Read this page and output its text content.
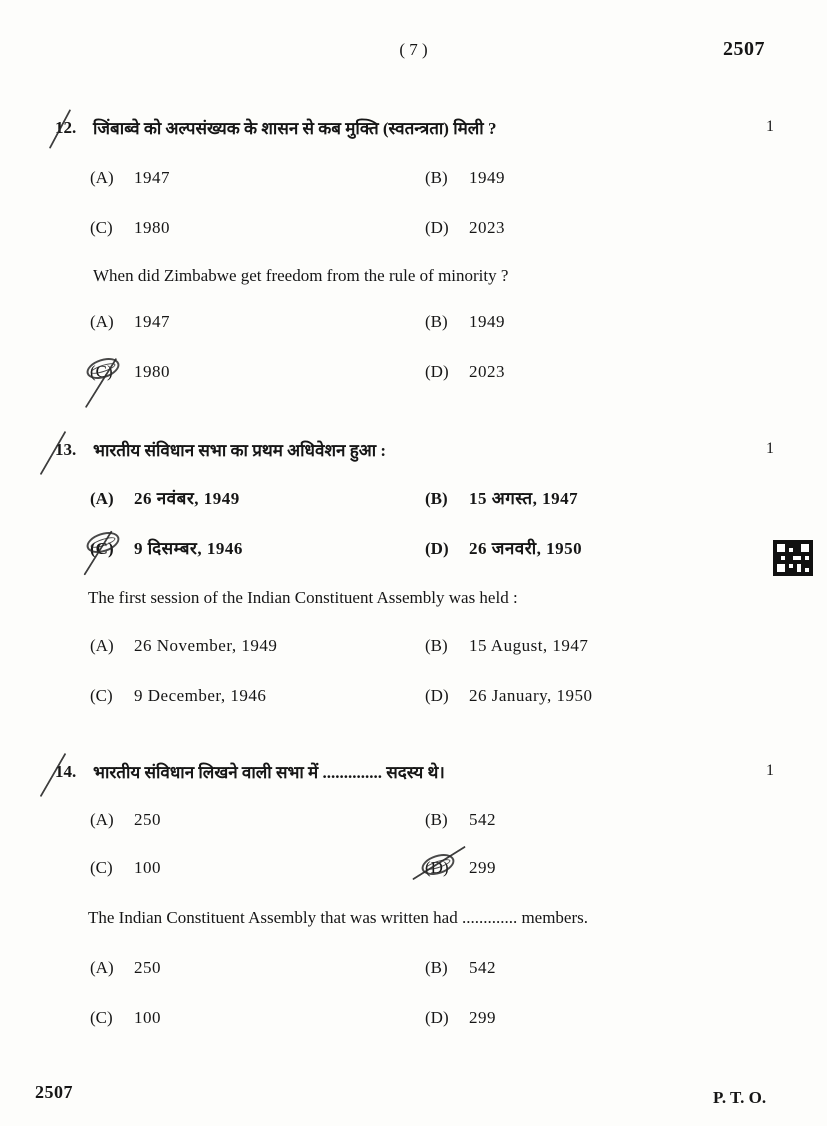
( 7 )	2507
12. जिंबाब्वे को अल्पसंख्यक के शासन से कब मुक्ति (स्वतन्त्रता) मिली ?	1
(A) 1947	(B) 1949
(C) 1980	(D) 2023
When did Zimbabwe get freedom from the rule of minority ?
(A) 1947	(B) 1949
(C) 1980	(D) 2023
13. भारतीय संविधान सभा का प्रथम अधिवेशन हुआ :	1
(A) 26 नवंबर, 1949	(B) 15 अगस्त, 1947
(C) 9 दिसम्बर, 1946	(D) 26 जनवरी, 1950
The first session of the Indian Constituent Assembly was held :
(A) 26 November, 1949	(B) 15 August, 1947
(C) 9 December, 1946	(D) 26 January, 1950
14. भारतीय संविधान लिखने वाली सभा में .............. सदस्य थे।	1
(A) 250	(B) 542
(C) 100	(D) 299
The Indian Constituent Assembly that was written had ............. members.
(A) 250	(B) 542
(C) 100	(D) 299
2507	P. T. O.
